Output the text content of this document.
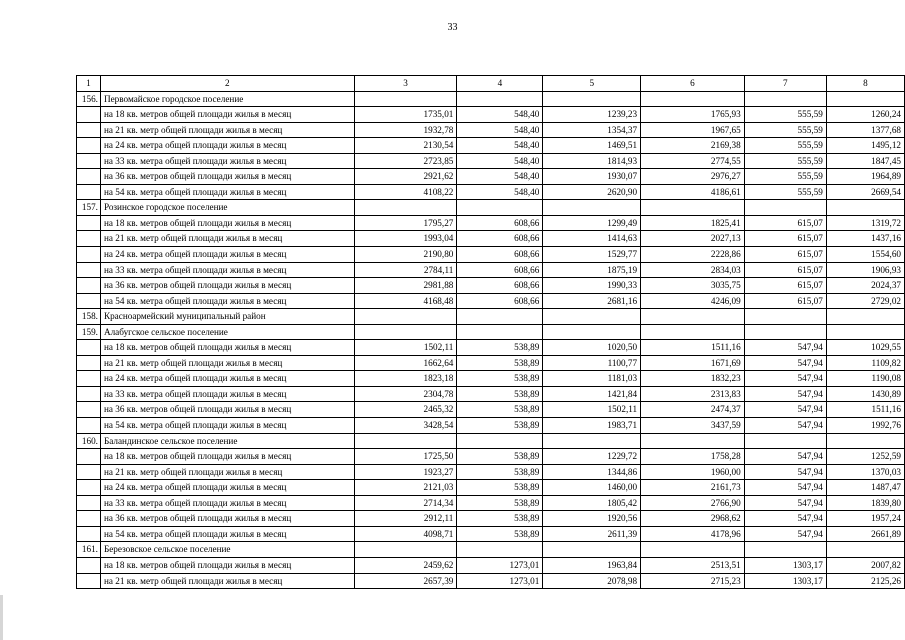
33
1	2	3	4	5	6	7	8
156.	Первомайское городское поселение						
	на 18 кв. метров общей площади жилья в месяц	1735,01	548,40	1239,23	1765,93	555,59	1260,24
	на 21 кв. метр общей площади жилья в месяц	1932,78	548,40	1354,37	1967,65	555,59	1377,68
	на 24 кв. метра общей площади жилья в месяц	2130,54	548,40	1469,51	2169,38	555,59	1495,12
	на 33 кв. метра общей площади жилья в месяц	2723,85	548,40	1814,93	2774,55	555,59	1847,45
	на 36 кв. метров общей площади жилья в месяц	2921,62	548,40	1930,07	2976,27	555,59	1964,89
	на 54 кв. метра общей площади жилья в месяц	4108,22	548,40	2620,90	4186,61	555,59	2669,54
157.	Розинское городское поселение						
	на 18 кв. метров общей площади жилья в месяц	1795,27	608,66	1299,49	1825,41	615,07	1319,72
	на 21 кв. метр общей площади жилья в месяц	1993,04	608,66	1414,63	2027,13	615,07	1437,16
	на 24 кв. метра общей площади жилья в месяц	2190,80	608,66	1529,77	2228,86	615,07	1554,60
	на 33 кв. метра общей площади жилья в месяц	2784,11	608,66	1875,19	2834,03	615,07	1906,93
	на 36 кв. метров общей площади жилья в месяц	2981,88	608,66	1990,33	3035,75	615,07	2024,37
	на 54 кв. метра общей площади жилья в месяц	4168,48	608,66	2681,16	4246,09	615,07	2729,02
158.	Красноармейский муниципальный район						
159.	Алабугское сельское поселение						
	на 18 кв. метров общей площади жилья в месяц	1502,11	538,89	1020,50	1511,16	547,94	1029,55
	на 21 кв. метр общей площади жилья в месяц	1662,64	538,89	1100,77	1671,69	547,94	1109,82
	на 24 кв. метра общей площади жилья в месяц	1823,18	538,89	1181,03	1832,23	547,94	1190,08
	на 33 кв. метра общей площади жилья в месяц	2304,78	538,89	1421,84	2313,83	547,94	1430,89
	на 36 кв. метров общей площади жилья в месяц	2465,32	538,89	1502,11	2474,37	547,94	1511,16
	на 54 кв. метра общей площади жилья в месяц	3428,54	538,89	1983,71	3437,59	547,94	1992,76
160.	Баландинское сельское поселение						
	на 18 кв. метров общей площади жилья в месяц	1725,50	538,89	1229,72	1758,28	547,94	1252,59
	на 21 кв. метр общей площади жилья в месяц	1923,27	538,89	1344,86	1960,00	547,94	1370,03
	на 24 кв. метра общей площади жилья в месяц	2121,03	538,89	1460,00	2161,73	547,94	1487,47
	на 33 кв. метра общей площади жилья в месяц	2714,34	538,89	1805,42	2766,90	547,94	1839,80
	на 36 кв. метров общей площади жилья в месяц	2912,11	538,89	1920,56	2968,62	547,94	1957,24
	на 54 кв. метра общей площади жилья в месяц	4098,71	538,89	2611,39	4178,96	547,94	2661,89
161.	Березовское сельское поселение						
	на 18 кв. метров общей площади жилья в месяц	2459,62	1273,01	1963,84	2513,51	1303,17	2007,82
	на 21 кв. метр общей площади жилья в месяц	2657,39	1273,01	2078,98	2715,23	1303,17	2125,26
